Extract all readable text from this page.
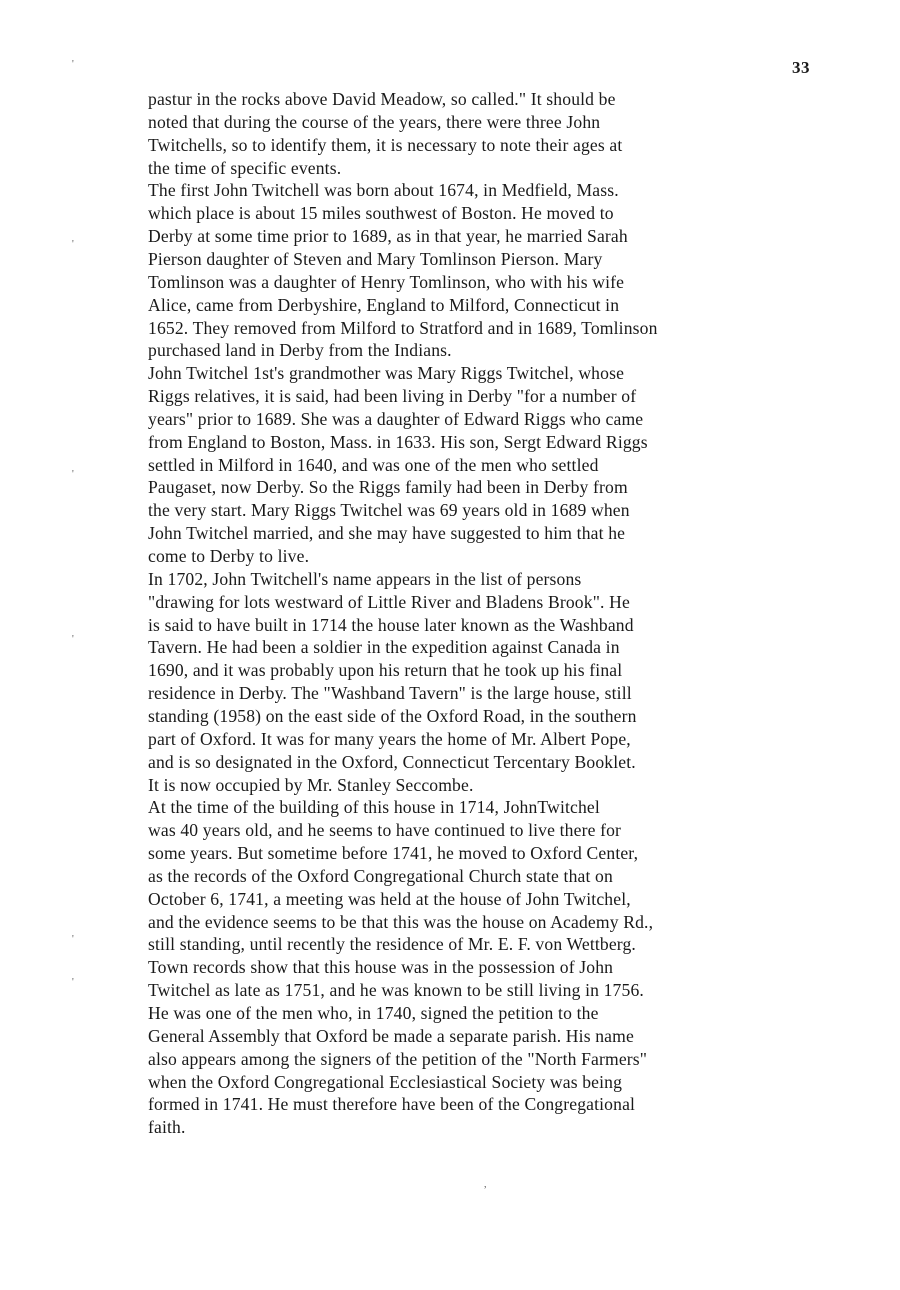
33
pastur in the rocks above David Meadow, so called." It should be
noted that during the course of the years, there were three John
Twitchells, so to identify them, it is necessary to note their ages at
the time of specific events.
The first John Twitchell was born about 1674, in Medfield, Mass.
which place is about 15 miles southwest of Boston. He moved to
Derby at some time prior to 1689, as in that year, he married Sarah
Pierson daughter of Steven and Mary Tomlinson Pierson. Mary
Tomlinson was a daughter of Henry Tomlinson, who with his wife
Alice, came from Derbyshire, England to Milford, Connecticut in
1652. They removed from Milford to Stratford and in 1689, Tomlinson
purchased land in Derby from the Indians.
John Twitchel 1st's grandmother was Mary Riggs Twitchel, whose
Riggs relatives, it is said, had been living in Derby "for a number of
years" prior to 1689. She was a daughter of Edward Riggs who came
from England to Boston, Mass. in 1633. His son, Sergt Edward Riggs
settled in Milford in 1640, and was one of the men who settled
Paugaset, now Derby. So the Riggs family had been in Derby from
the very start. Mary Riggs Twitchel was 69 years old in 1689 when
John Twitchel married, and she may have suggested to him that he
come to Derby to live.
In 1702, John Twitchell's name appears in the list of persons
"drawing for lots westward of Little River and Bladens Brook". He
is said to have built in 1714 the house later known as the Washband
Tavern. He had been a soldier in the expedition against Canada in
1690, and it was probably upon his return that he took up his final
residence in Derby. The "Washband Tavern" is the large house, still
standing (1958) on the east side of the Oxford Road, in the southern
part of Oxford. It was for many years the home of Mr. Albert Pope,
and is so designated in the Oxford, Connecticut Tercentary Booklet.
It is now occupied by Mr. Stanley Seccombe.
At the time of the building of this house in 1714, JohnTwitchel
was 40 years old, and he seems to have continued to live there for
some years. But sometime before 1741, he moved to Oxford Center,
as the records of the Oxford Congregational Church state that on
October 6, 1741, a meeting was held at the house of John Twitchel,
and the evidence seems to be that this was the house on Academy Rd.,
still standing, until recently the residence of Mr. E. F. von Wettberg.
Town records show that this house was in the possession of John
Twitchel as late as 1751, and he was known to be still living in 1756.
He was one of the men who, in 1740, signed the petition to the
General Assembly that Oxford be made a separate parish. His name
also appears among the signers of the petition of the "North Farmers"
when the Oxford Congregational Ecclesiastical Society was being
formed in 1741. He must therefore have been of the Congregational
faith.
'
'
'
'
'
'
,
